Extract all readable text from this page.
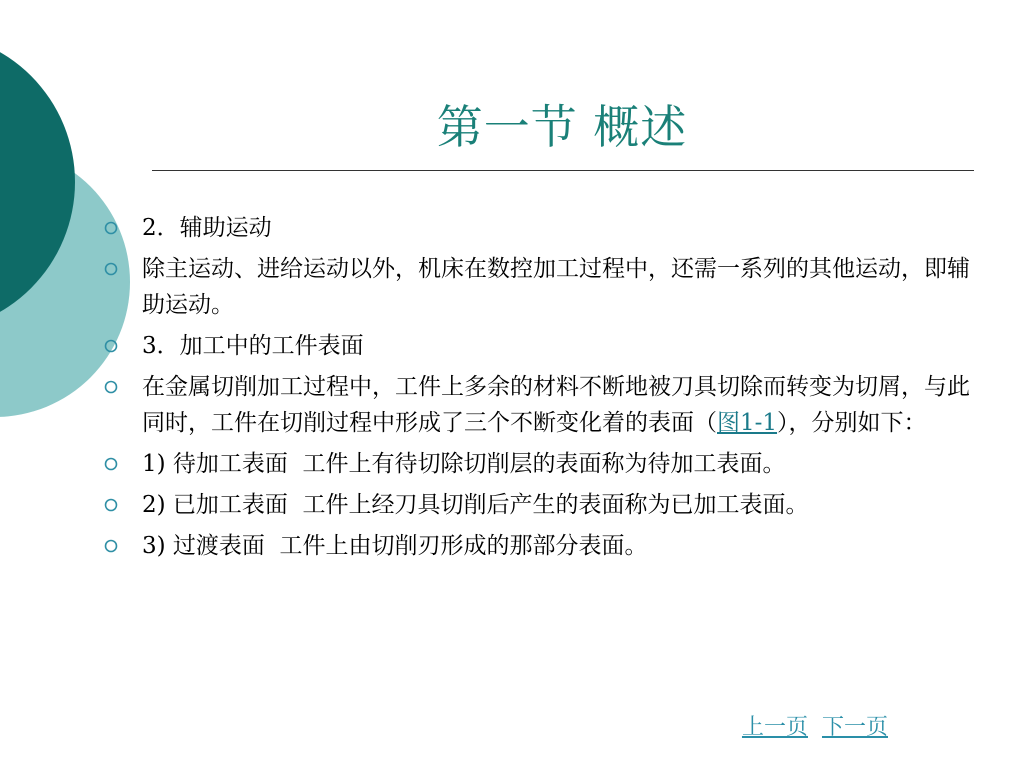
第一节 概述
2．辅助运动
除主运动、进给运动以外，机床在数控加工过程中，还需一系列的其他运动，即辅助运动。
3．加工中的工件表面
在金属切削加工过程中，工件上多余的材料不断地被刀具切除而转变为切屑，与此同时，工件在切削过程中形成了三个不断变化着的表面（图1-1），分别如下：
1) 待加工表面  工件上有待切除切削层的表面称为待加工表面。
2) 已加工表面  工件上经刀具切削后产生的表面称为已加工表面。
3) 过渡表面  工件上由切削刃形成的那部分表面。
上一页 下一页
